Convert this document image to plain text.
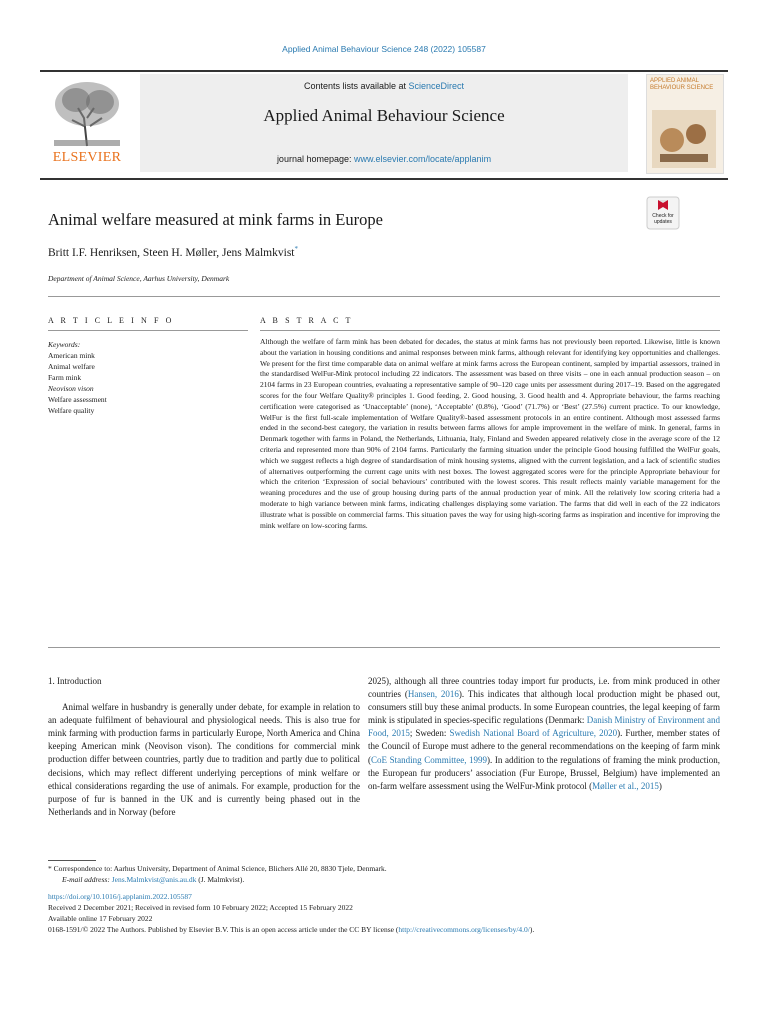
Applied Animal Behaviour Science 248 (2022) 105587
ELSEVIER
Contents lists available at ScienceDirect
Applied Animal Behaviour Science
journal homepage: www.elsevier.com/locate/applanim
APPLIED ANIMAL BEHAVIOUR SCIENCE
Check for updates
Animal welfare measured at mink farms in Europe
Britt I.F. Henriksen, Steen H. Møller, Jens Malmkvist*
Department of Animal Science, Aarhus University, Denmark
A R T I C L E I N F O
Keywords:
American mink
Animal welfare
Farm mink
Neovison vison
Welfare assessment
Welfare quality
A B S T R A C T
Although the welfare of farm mink has been debated for decades, the status at mink farms has not previously been reported. Likewise, little is known about the variation in housing conditions and animal responses between mink farms, although relevant for identifying key opportunities and challenges. We present for the first time comparable data on animal welfare at mink farms across the European continent, sampled by impartial assessors, trained in the standardised WelFur-Mink protocol including 22 indicators. The assessment was based on three visits – one in each annual production season – on 2104 farms in 23 European countries, evaluating a representative sample of 90–120 cage units per assessment during 2017–19. Based on the aggregated scores for the four Welfare Quality® principles 1. Good feeding, 2. Good housing, 3. Good health and 4. Appropriate behaviour, the farms reaching certification were categorised as ‘Unacceptable’ (none), ‘Acceptable’ (0.8%), ‘Good’ (71.7%) or ‘Best’ (27.5%) current practice. To our knowledge, WelFur is the first full-scale implementation of Welfare Quality®-based assessment protocols in an entire continent. Although most assessed farms ended in the second-best category, the variation in results between farms allows for ample improvement in the welfare of mink. In general, farms in Denmark together with farms in Poland, the Netherlands, Lithuania, Italy, Finland and Sweden appeared relatively close in the average score of the 12 criteria and represented more than 90% of 2104 farms. Particularly the farming situation under the principle Good housing fulfilled the WelFur goals, which we suggest reflects a high degree of standardisation of mink housing systems, aligned with the current legislation, and a lack of scientific studies of alternatives outperforming the current cage units with nest boxes. The lowest aggregated scores were for the principle Appropriate behaviour for which the criterion ‘Expression of social behaviours’ contributed with the lowest scores. This result reflects mainly variable management for the weaning procedures and the use of group housing during parts of the annual production year of mink. All the relatively low scoring criteria had a moderate to high variance between mink farms, indicating challenges displaying some variation. The farms that did well in each of the 22 indicators illustrate what is possible on commercial farms. This situation paves the way for using high-scoring farms as inspiration and incentive for improving the mink welfare on low-scoring farms.

1. Introduction

Animal welfare in husbandry is generally under debate, for example in relation to an adequate fulfilment of behavioural and physiological needs. This is also true for mink farming with production farms in particularly Europe, North America and China keeping American mink (Neovison vison). The conditions for commercial mink production differ between countries, partly due to tradition and partly due to political decisions, which may reflect different underlying perceptions of mink welfare or ethical considerations regarding the use of animals. For example, production for the purpose of fur is banned in the UK and is currently being phased out in the Netherlands and in Norway (before

2025), although all three countries today import fur products, i.e. from mink produced in other countries (Hansen, 2016). This indicates that although local production might be phased out, consumers still buy these animal products. In some European countries, the legal keeping of farm mink is stipulated in species-specific regulations (Denmark: Danish Ministry of Environment and Food, 2015; Sweden: Swedish National Board of Agriculture, 2020). Further, member states of the Council of Europe must adhere to the general recommendations on the keeping of farm mink (CoE Standing Committee, 1999). In addition to the regulations of framing the mink production, the European fur producers’ association (Fur Europe, Brussel, Belgium) have implemented an on-farm welfare assessment using the WelFur-Mink protocol (Møller et al., 2015)

* Correspondence to: Aarhus University, Department of Animal Science, Blichers Allé 20, 8830 Tjele, Denmark.

E-mail address: Jens.Malmkvist@anis.au.dk (J. Malmkvist).

https://doi.org/10.1016/j.applanim.2022.105587

Received 2 December 2021; Received in revised form 10 February 2022; Accepted 15 February 2022

Available online 17 February 2022

0168-1591/© 2022 The Authors. Published by Elsevier B.V. This is an open access article under the CC BY license (http://creativecommons.org/licenses/by/4.0/).
